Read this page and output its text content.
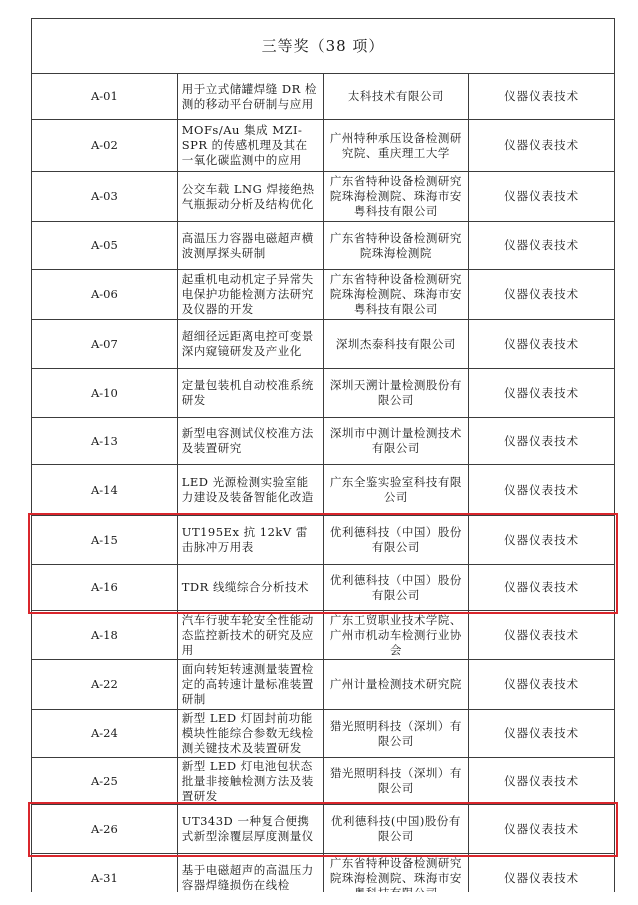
三等奖（38 项）			
A-01	用于立式储罐焊缝 DR 检测的移动平台研制与应用	太科技术有限公司	仪器仪表技术
A-02	MOFs/Au 集成 MZI-SPR 的传感机理及其在一氧化碳监测中的应用	广州特种承压设备检测研究院、重庆理工大学	仪器仪表技术
A-03	公交车载 LNG 焊接绝热气瓶振动分析及结构优化	广东省特种设备检测研究院珠海检测院、珠海市安粤科技有限公司	仪器仪表技术
A-05	高温压力容器电磁超声横波测厚探头研制	广东省特种设备检测研究院珠海检测院	仪器仪表技术
A-06	起重机电动机定子异常失电保护功能检测方法研究及仪器的开发	广东省特种设备检测研究院珠海检测院、珠海市安粤科技有限公司	仪器仪表技术
A-07	超细径远距离电控可变景深内窥镜研发及产业化	深圳杰泰科技有限公司	仪器仪表技术
A-10	定量包装机自动校准系统研发	深圳天溯计量检测股份有限公司	仪器仪表技术
A-13	新型电容测试仪校准方法及装置研究	深圳市中测计量检测技术有限公司	仪器仪表技术
A-14	LED 光源检测实验室能力建设及装备智能化改造	广东全鉴实验室科技有限公司	仪器仪表技术
A-15	UT195Ex 抗 12kV 雷击脉冲万用表	优利德科技（中国）股份有限公司	仪器仪表技术
A-16	TDR 线缆综合分析技术	优利德科技（中国）股份有限公司	仪器仪表技术
A-18	汽车行驶车轮安全性能动态监控新技术的研究及应用	广东工贸职业技术学院、广州市机动车检测行业协会	仪器仪表技术
A-22	面向转矩转速测量装置检定的高转速计量标准装置研制	广州计量检测技术研究院	仪器仪表技术
A-24	新型 LED 灯固封前功能模块性能综合参数无线检测关键技术及装置研发	猎光照明科技（深圳）有限公司	仪器仪表技术
A-25	新型 LED 灯电池包状态批量非接触检测方法及装置研发	猎光照明科技（深圳）有限公司	仪器仪表技术
A-26	UT343D 一种复合便携式新型涂覆层厚度测量仪	优利德科技(中国)股份有限公司	仪器仪表技术
A-31	基于电磁超声的高温压力容器焊缝损伤在线检	广东省特种设备检测研究院珠海检测院、珠海市安	仪器仪表技术
